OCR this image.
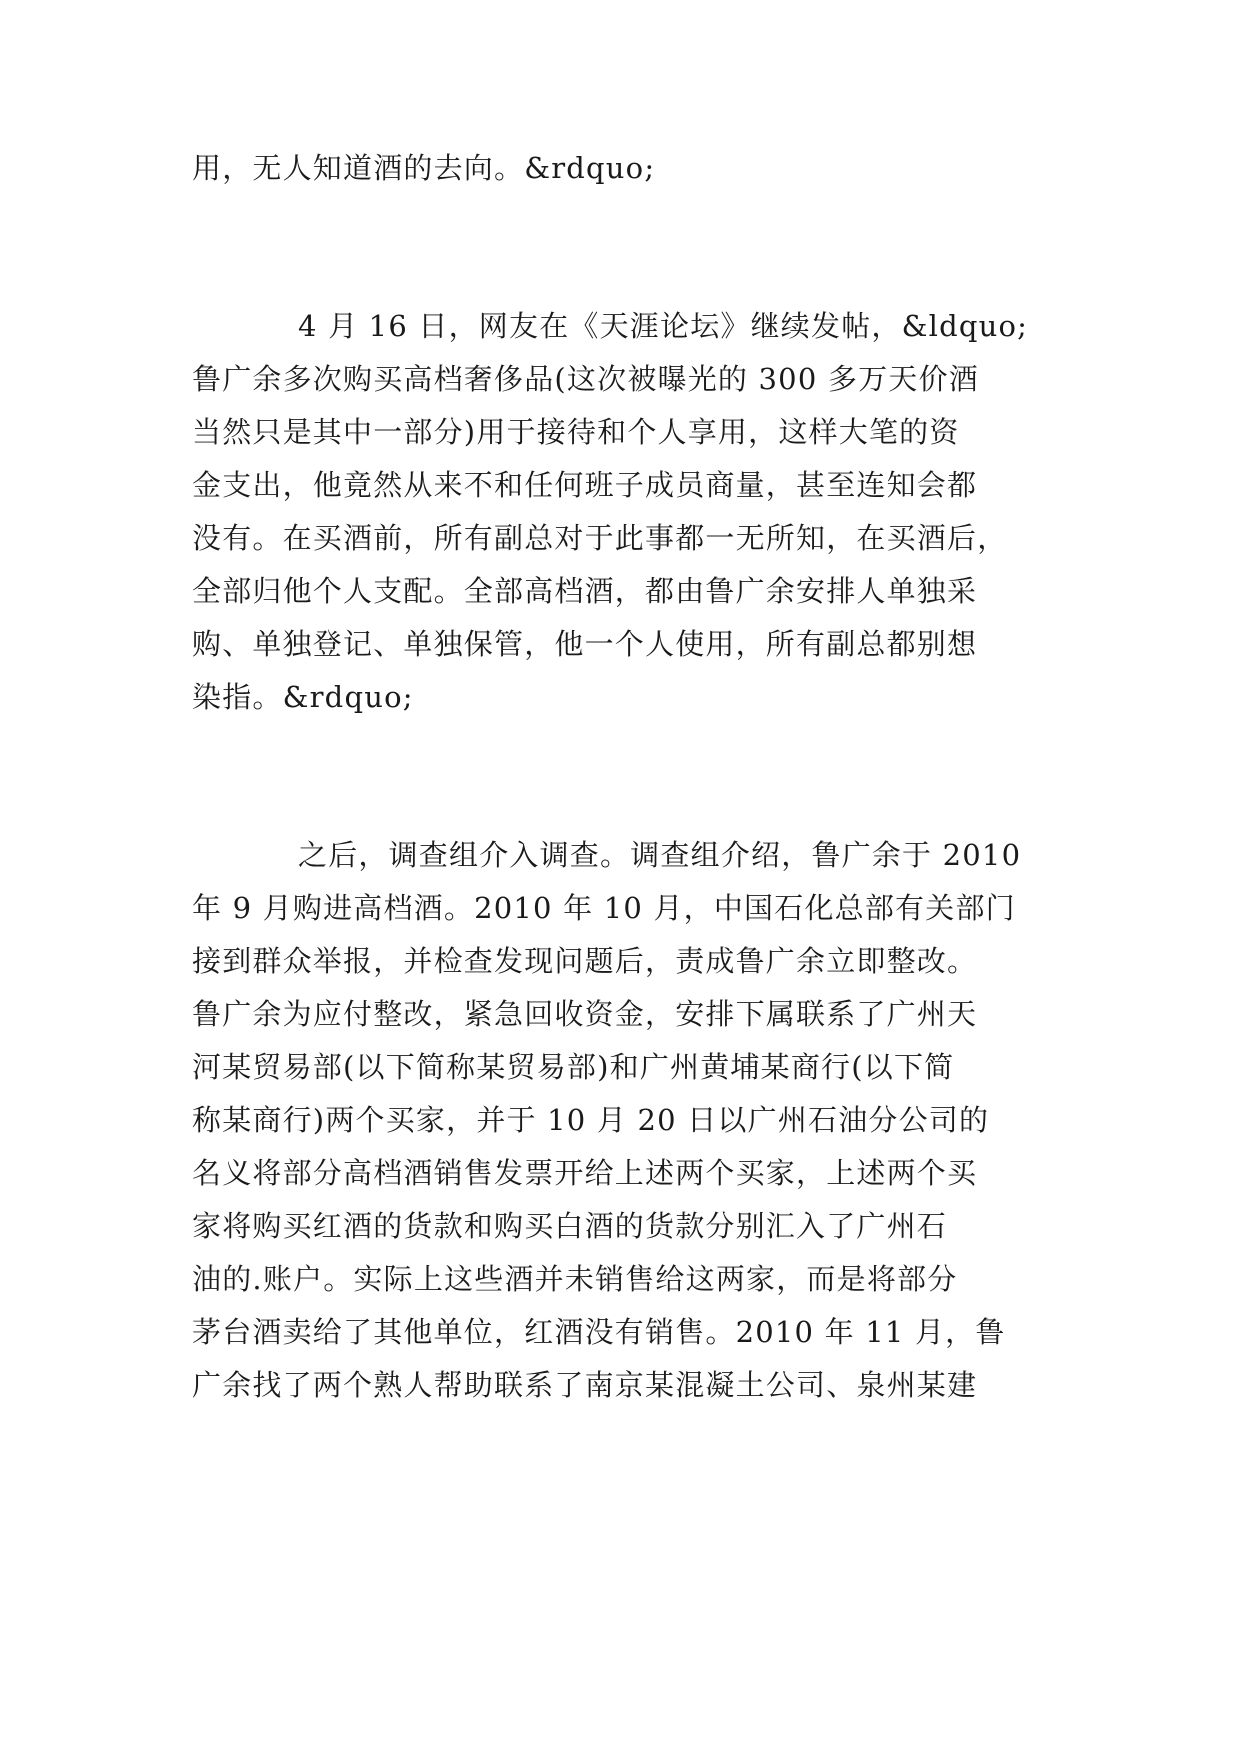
用，无人知道酒的去向。&rdquo;
4 月 16 日，网友在《天涯论坛》继续发帖，&ldquo;
鲁广余多次购买高档奢侈品(这次被曝光的 300 多万天价酒
当然只是其中一部分)用于接待和个人享用，这样大笔的资
金支出，他竟然从来不和任何班子成员商量，甚至连知会都
没有。在买酒前，所有副总对于此事都一无所知，在买酒后，
全部归他个人支配。全部高档酒，都由鲁广余安排人单独采
购、单独登记、单独保管，他一个人使用，所有副总都别想
染指。&rdquo;
之后，调查组介入调查。调查组介绍，鲁广余于 2010
年 9 月购进高档酒。2010 年 10 月，中国石化总部有关部门
接到群众举报，并检查发现问题后，责成鲁广余立即整改。
鲁广余为应付整改，紧急回收资金，安排下属联系了广州天
河某贸易部(以下简称某贸易部)和广州黄埔某商行(以下简
称某商行)两个买家，并于 10 月 20 日以广州石油分公司的
名义将部分高档酒销售发票开给上述两个买家，上述两个买
家将购买红酒的货款和购买白酒的货款分别汇入了广州石
油的.账户。实际上这些酒并未销售给这两家，而是将部分
茅台酒卖给了其他单位，红酒没有销售。2010 年 11 月，鲁
广余找了两个熟人帮助联系了南京某混凝土公司、泉州某建
